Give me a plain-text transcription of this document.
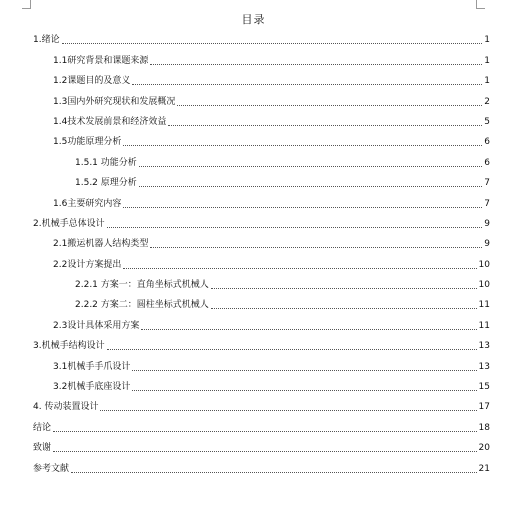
目录
1.绪论	1
1.1研究背景和课题来源	1
1.2课题目的及意义	1
1.3国内外研究现状和发展概况	2
1.4技术发展前景和经济效益	5
1.5功能原理分析	6
1.5.1 功能分析	6
1.5.2 原理分析	7
1.6主要研究内容	7
2.机械手总体设计	9
2.1搬运机器人结构类型	9
2.2设计方案提出	10
2.2.1 方案一：直角坐标式机械人	10
2.2.2 方案二：圆柱坐标式机械人	11
2.3设计具体采用方案	11
3.机械手结构设计	13
3.1机械手手爪设计	13
3.2机械手底座设计	15
4. 传动装置设计	17
结论	18
致谢	20
参考文献	21
